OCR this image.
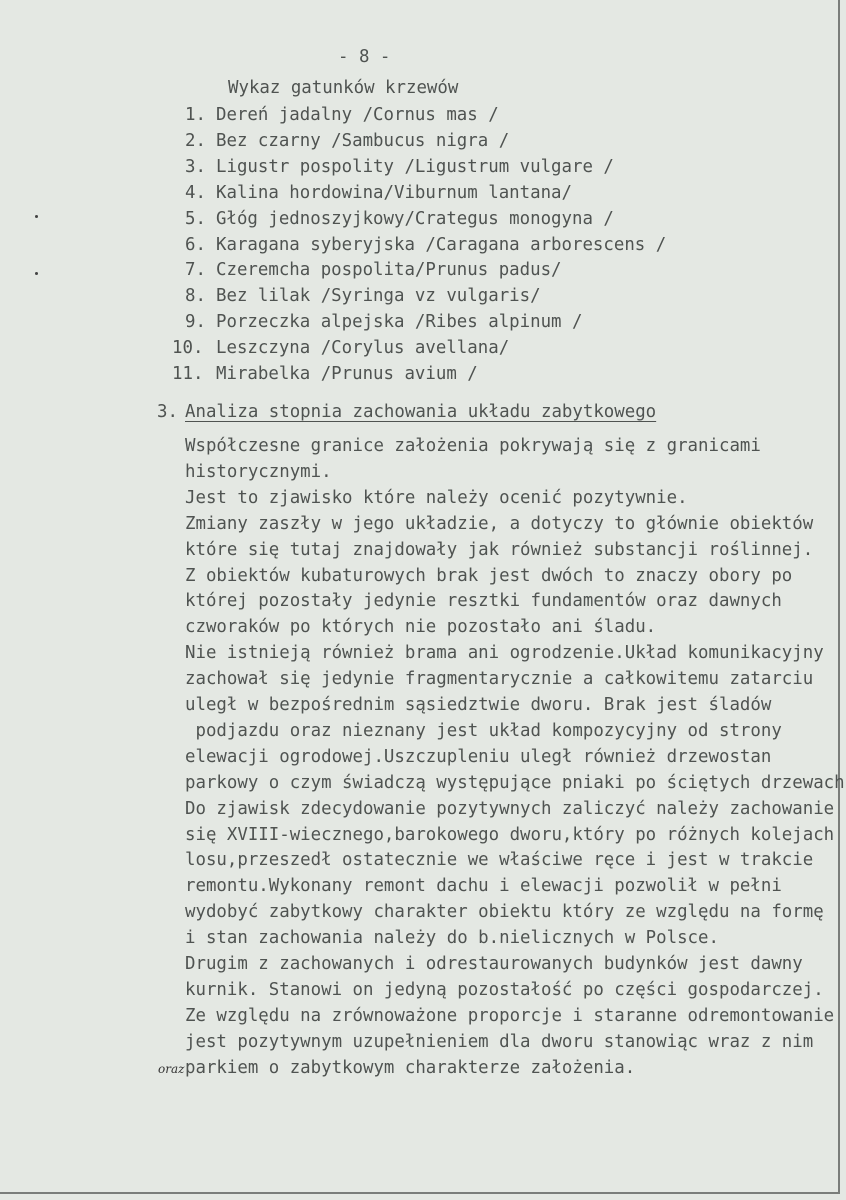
- 8 -
Wykaz gatunków krzewów
1. Dereń jadalny /Cornus mas /
2. Bez czarny /Sambucus nigra /
3. Ligustr pospolity /Ligustrum vulgare /
4. Kalina hordowina/Viburnum lantana/
5. Głóg jednoszyjkowy/Crategus monogyna /
6. Karagana syberyjska /Caragana arborescens /
7. Czeremcha pospolita/Prunus padus/
8. Bez lilak /Syringa vz vulgaris/
9. Porzeczka alpejska /Ribes alpinum /
10. Leszczyna /Corylus avellana/
11. Mirabelka /Prunus avium /
3. Analiza stopnia zachowania układu zabytkowego
Współczesne granice założenia pokrywają się z granicami
historycznymi.
Jest to zjawisko które należy ocenić pozytywnie.
Zmiany zaszły w jego układzie, a dotyczy to głównie obiektów
które się tutaj znajdowały jak również substancji roślinnej.
Z obiektów kubaturowych brak jest dwóch to znaczy obory po
której pozostały jedynie resztki fundamentów oraz dawnych
czworaków po których nie pozostało ani śladu.
Nie istnieją również brama ani ogrodzenie.Układ komunikacyjny
zachował się jedynie fragmentarycznie a całkowitemu zatarciu
uległ w bezpośrednim sąsiedztwie dworu. Brak jest śladów
podjazdu oraz nieznany jest układ kompozycyjny od strony
elewacji ogrodowej.Uszczupleniu uległ również drzewostan
parkowy o czym świadczą występujące pniaki po ściętych drzewach
Do zjawisk zdecydowanie pozytywnych zaliczyć należy zachowanie
się XVIII-wiecznego,barokowego dworu,który po różnych kolejach
losu,przeszedł ostatecznie we właściwe ręce i jest w trakcie
remontu.Wykonany remont dachu i elewacji pozwolił w pełni
wydobyć zabytkowy charakter obiektu który ze względu na formę
i stan zachowania należy do b.nielicznych w Polsce.
Drugim z zachowanych i odrestaurowanych budynków jest dawny
kurnik. Stanowi on jedyną pozostałość po części gospodarczej.
Ze względu na zrównoważone proporcje i staranne odremontowanie
jest pozytywnym uzupełnieniem dla dworu stanowiąc wraz z nim
parkiem o zabytkowym charakterze założenia.
oraz
